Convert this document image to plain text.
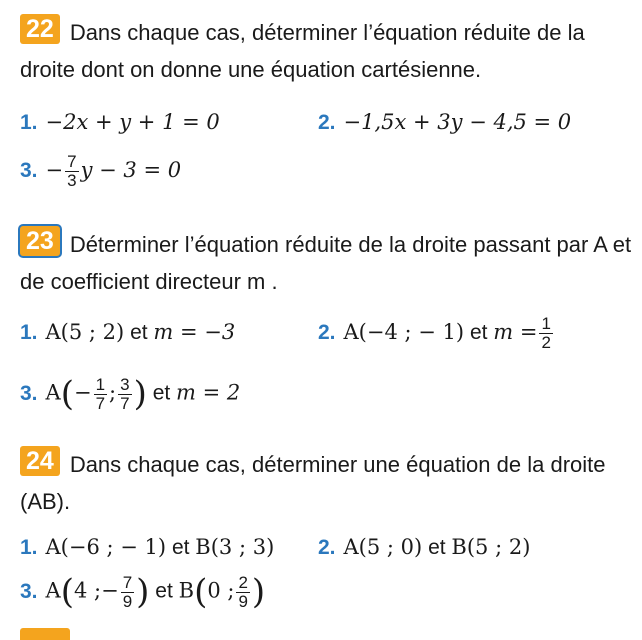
22 Dans chaque cas, déterminer l’équation réduite de la droite dont on donne une équation cartésienne.
1. −2x + y + 1 = 0	2. −1,5x + 3y − 4,5 = 0
3. − $\frac{7}{3}$ y − 3 = 0
23 Déterminer l’équation réduite de la droite passant par A et de coefficient directeur m .
1. A(5 ; 2) et m = −3	2. A(−4 ; − 1) et $m = \frac{1}{2}$
3. $A(- \frac{1}{7}$ ; $\frac{3}{7}$ ) et m = 2
24 Dans chaque cas, déterminer une équation de la droite (AB).
1. A(−6 ; − 1) et B(3 ; 3) 2. A(5 ; 0) et B(5 ; 2)
3. A(4 ;− $\frac{7}{9}$ ) et B(0 ; $\frac{2}{9}$ )
